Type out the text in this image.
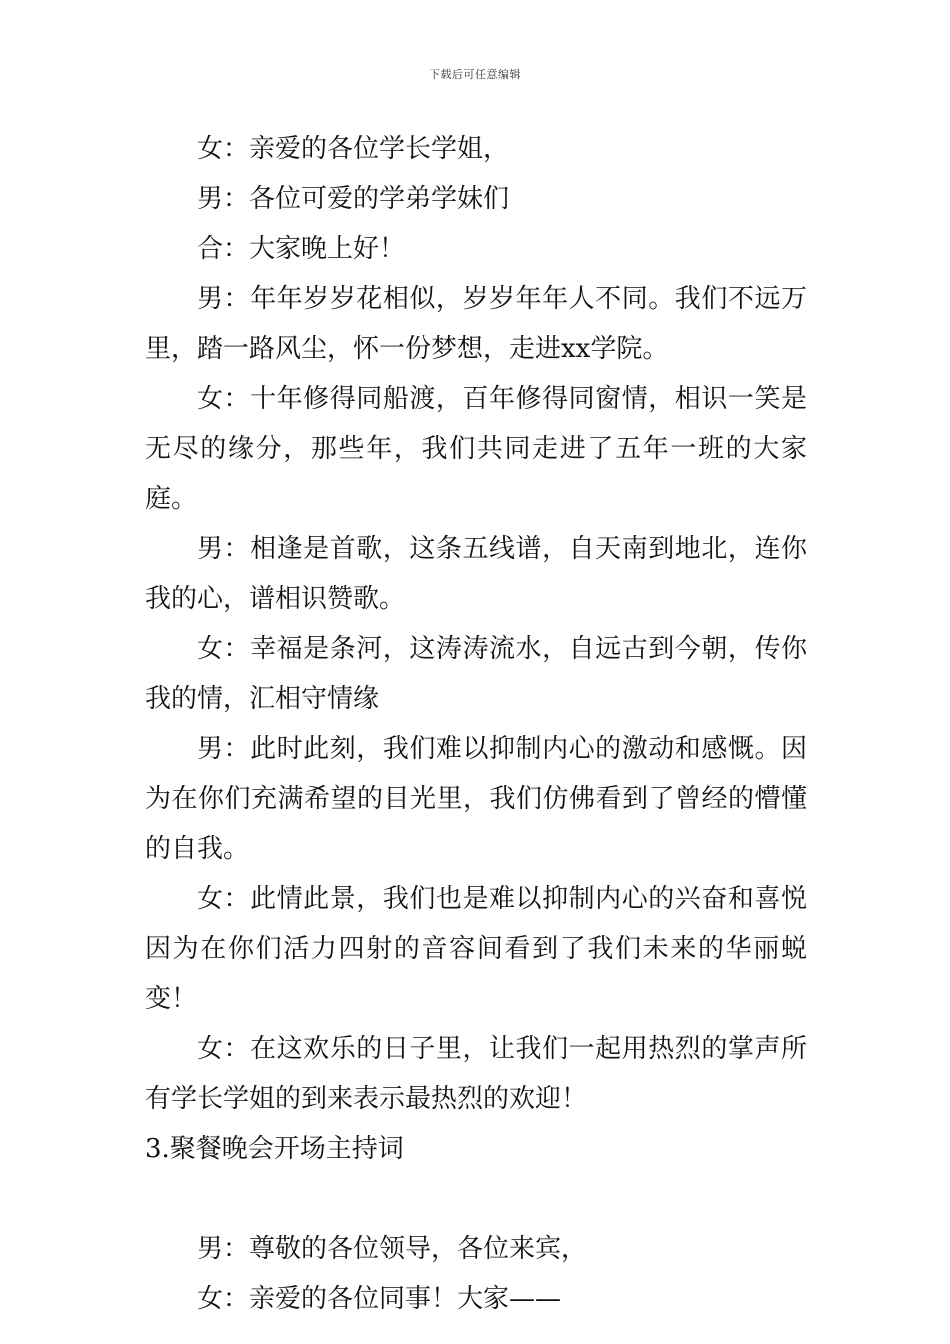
下载后可任意编辑

女：亲爱的各位学长学姐，

男：各位可爱的学弟学妹们

合：大家晚上好！

男：年年岁岁花相似，岁岁年年人不同。我们不远万里，踏一路风尘，怀一份梦想，走进xx学院。

女：十年修得同船渡，百年修得同窗情，相识一笑是无尽的缘分，那些年，我们共同走进了五年一班的大家庭。

男：相逢是首歌，这条五线谱，自天南到地北，连你我的心，谱相识赞歌。

女：幸福是条河，这涛涛流水，自远古到今朝，传你我的情，汇相守情缘

男：此时此刻，我们难以抑制内心的激动和感慨。因为在你们充满希望的目光里，我们仿佛看到了曾经的懵懂的自我。

女：此情此景，我们也是难以抑制内心的兴奋和喜悦因为在你们活力四射的音容间看到了我们未来的华丽蜕变！

女：在这欢乐的日子里，让我们一起用热烈的掌声所有学长学姐的到来表示最热烈的欢迎！

3.聚餐晚会开场主持词

男：尊敬的各位领导，各位来宾，

女：亲爱的各位同事！大家——
